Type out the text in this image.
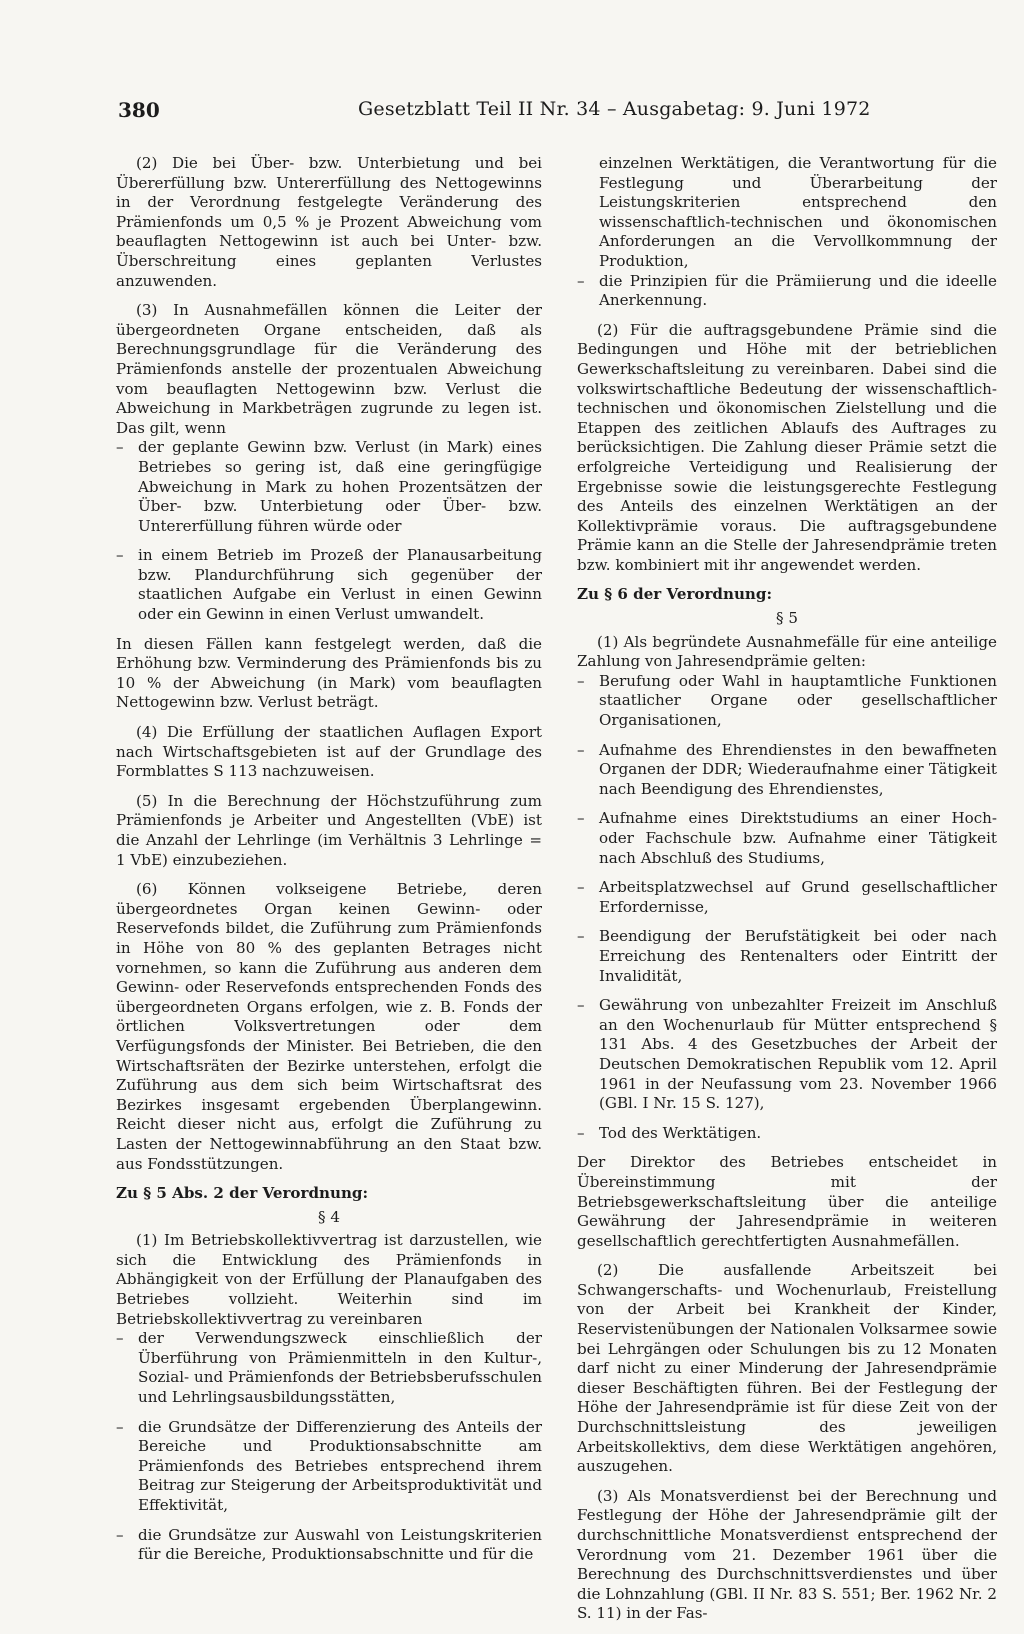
380	Gesetzblatt Teil II Nr. 34 – Ausgabetag: 9. Juni 1972

(2) Die bei Über- bzw. Unterbietung und bei Übererfüllung bzw. Untererfüllung des Nettogewinns in der Verordnung festgelegte Veränderung des Prämienfonds um 0,5 % je Prozent Abweichung vom beauflagten Nettogewinn ist auch bei Unter- bzw. Überschreitung eines geplanten Verlustes anzuwenden.

(3) In Ausnahmefällen können die Leiter der übergeordneten Organe entscheiden, daß als Berechnungsgrundlage für die Veränderung des Prämienfonds anstelle der prozentualen Abweichung vom beauflagten Nettogewinn bzw. Verlust die Abweichung in Markbeträgen zugrunde zu legen ist. Das gilt, wenn

– der geplante Gewinn bzw. Verlust (in Mark) eines Betriebes so gering ist, daß eine geringfügige Abweichung in Mark zu hohen Prozentsätzen der Über- bzw. Unterbietung oder Über- bzw. Untererfüllung führen würde oder

– in einem Betrieb im Prozeß der Planausarbeitung bzw. Plandurchführung sich gegenüber der staatlichen Aufgabe ein Verlust in einen Gewinn oder ein Gewinn in einen Verlust umwandelt.

In diesen Fällen kann festgelegt werden, daß die Erhöhung bzw. Verminderung des Prämienfonds bis zu 10 % der Abweichung (in Mark) vom beauflagten Nettogewinn bzw. Verlust beträgt.

(4) Die Erfüllung der staatlichen Auflagen Export nach Wirtschaftsgebieten ist auf der Grundlage des Formblattes S 113 nachzuweisen.

(5) In die Berechnung der Höchstzuführung zum Prämienfonds je Arbeiter und Angestellten (VbE) ist die Anzahl der Lehrlinge (im Verhältnis 3 Lehrlinge = 1 VbE) einzubeziehen.

(6) Können volkseigene Betriebe, deren übergeordnetes Organ keinen Gewinn- oder Reservefonds bildet, die Zuführung zum Prämienfonds in Höhe von 80 % des geplanten Betrages nicht vornehmen, so kann die Zuführung aus anderen dem Gewinn- oder Reservefonds entsprechenden Fonds des übergeordneten Organs erfolgen, wie z. B. Fonds der örtlichen Volksvertretungen oder dem Verfügungsfonds der Minister. Bei Betrieben, die den Wirtschaftsräten der Bezirke unterstehen, erfolgt die Zuführung aus dem sich beim Wirtschaftsrat des Bezirkes insgesamt ergebenden Überplangewinn. Reicht dieser nicht aus, erfolgt die Zuführung zu Lasten der Nettogewinnabführung an den Staat bzw. aus Fondsstützungen.

Zu § 5 Abs. 2 der Verordnung:
§ 4

(1) Im Betriebskollektivvertrag ist darzustellen, wie sich die Entwicklung des Prämienfonds in Abhängigkeit von der Erfüllung der Planaufgaben des Betriebes vollzieht. Weiterhin sind im Betriebskollektivvertrag zu vereinbaren

– der Verwendungszweck einschließlich der Überführung von Prämienmitteln in den Kultur-, Sozial- und Prämienfonds der Betriebsberufsschulen und Lehrlingsausbildungsstätten,

– die Grundsätze der Differenzierung des Anteils der Bereiche und Produktionsabschnitte am Prämienfonds des Betriebes entsprechend ihrem Beitrag zur Steigerung der Arbeitsproduktivität und Effektivität,

– die Grundsätze zur Auswahl von Leistungskriterien für die Bereiche, Produktionsabschnitte und für die

einzelnen Werktätigen, die Verantwortung für die Festlegung und Überarbeitung der Leistungskriterien entsprechend den wissenschaftlich-technischen und ökonomischen Anforderungen an die Vervollkommnung der Produktion,

– die Prinzipien für die Prämiierung und die ideelle Anerkennung.

(2) Für die auftragsgebundene Prämie sind die Bedingungen und Höhe mit der betrieblichen Gewerkschaftsleitung zu vereinbaren. Dabei sind die volkswirtschaftliche Bedeutung der wissenschaftlich-technischen und ökonomischen Zielstellung und die Etappen des zeitlichen Ablaufs des Auftrages zu berücksichtigen. Die Zahlung dieser Prämie setzt die erfolgreiche Verteidigung und Realisierung der Ergebnisse sowie die leistungsgerechte Festlegung des Anteils des einzelnen Werktätigen an der Kollektivprämie voraus. Die auftragsgebundene Prämie kann an die Stelle der Jahresendprämie treten bzw. kombiniert mit ihr angewendet werden.

Zu § 6 der Verordnung:
§ 5

(1) Als begründete Ausnahmefälle für eine anteilige Zahlung von Jahresendprämie gelten:

– Berufung oder Wahl in hauptamtliche Funktionen staatlicher Organe oder gesellschaftlicher Organisationen,

– Aufnahme des Ehrendienstes in den bewaffneten Organen der DDR; Wiederaufnahme einer Tätigkeit nach Beendigung des Ehrendienstes,

– Aufnahme eines Direktstudiums an einer Hoch- oder Fachschule bzw. Aufnahme einer Tätigkeit nach Abschluß des Studiums,

– Arbeitsplatzwechsel auf Grund gesellschaftlicher Erfordernisse,

– Beendigung der Berufstätigkeit bei oder nach Erreichung des Rentenalters oder Eintritt der Invalidität,

– Gewährung von unbezahlter Freizeit im Anschluß an den Wochenurlaub für Mütter entsprechend § 131 Abs. 4 des Gesetzbuches der Arbeit der Deutschen Demokratischen Republik vom 12. April 1961 in der Neufassung vom 23. November 1966 (GBl. I Nr. 15 S. 127),

– Tod des Werktätigen.

Der Direktor des Betriebes entscheidet in Übereinstimmung mit der Betriebsgewerkschaftsleitung über die anteilige Gewährung der Jahresendprämie in weiteren gesellschaftlich gerechtfertigten Ausnahmefällen.

(2) Die ausfallende Arbeitszeit bei Schwangerschafts- und Wochenurlaub, Freistellung von der Arbeit bei Krankheit der Kinder, Reservistenübungen der Nationalen Volksarmee sowie bei Lehrgängen oder Schulungen bis zu 12 Monaten darf nicht zu einer Minderung der Jahresendprämie dieser Beschäftigten führen. Bei der Festlegung der Höhe der Jahresendprämie ist für diese Zeit von der Durchschnittsleistung des jeweiligen Arbeitskollektivs, dem diese Werktätigen angehören, auszugehen.

(3) Als Monatsverdienst bei der Berechnung und Festlegung der Höhe der Jahresendprämie gilt der durchschnittliche Monatsverdienst entsprechend der Verordnung vom 21. Dezember 1961 über die Berechnung des Durchschnittsverdienstes und über die Lohnzahlung (GBl. II Nr. 83 S. 551; Ber. 1962 Nr. 2 S. 11) in der Fas-
